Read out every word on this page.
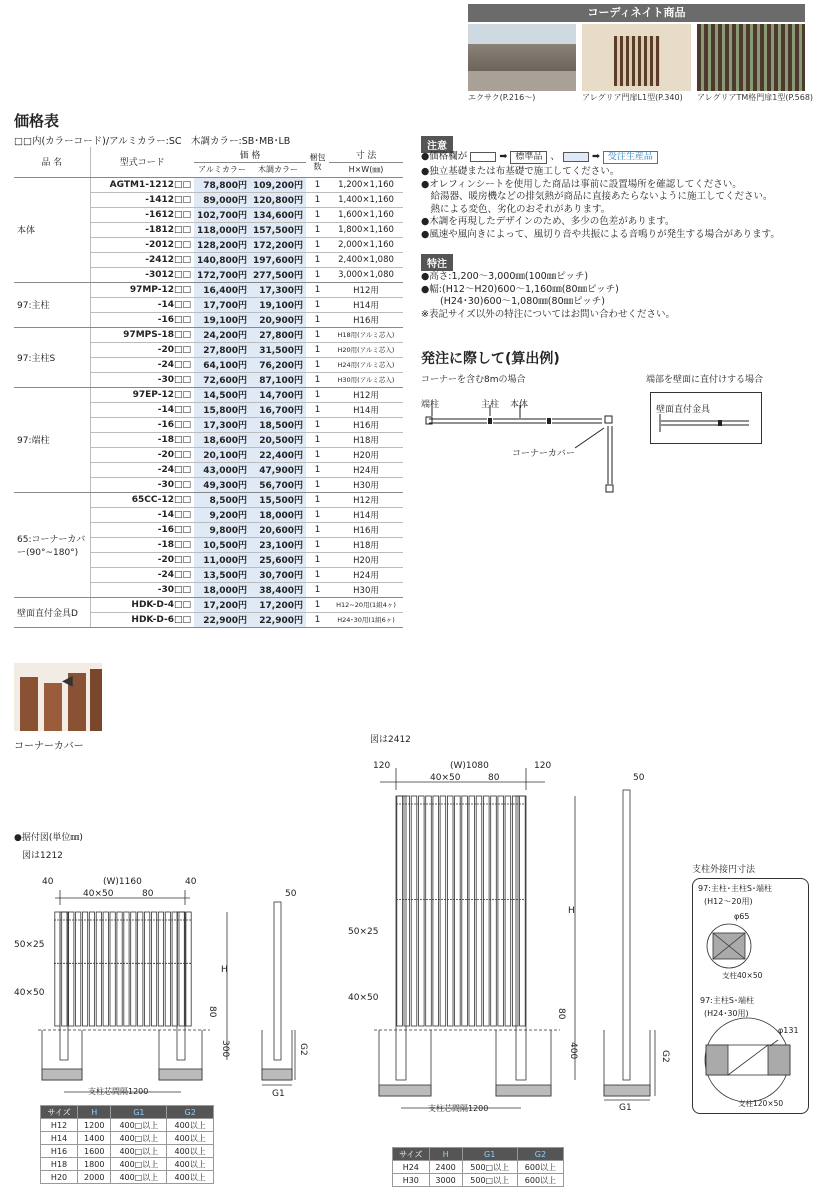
コーディネイト商品
エクサク(P.216～)	アレグリア門扉L1型(P.340) アレグリアTM格門扉1型(P.568)
価格表
□□内(カラーコード)/アルミカラー:SC　木調カラー:SB･MB･LB
品 名	型式コード	価 格		梱包数	寸 法
		アルミカラー	木調カラー		H×W(㎜)
本体	AGTM1-1212□□	78,800円	109,200円	1	1,200×1,160
	-1412□□	89,000円	120,800円	1	1,400×1,160
	-1612□□	102,700円	134,600円	1	1,600×1,160
	-1812□□	118,000円	157,500円	1	1,800×1,160
	-2012□□	128,200円	172,200円	1	2,000×1,160
	-2412□□	140,800円	197,600円	1	2,400×1,080
	-3012□□	172,700円	277,500円	1	3,000×1,080
97:主柱	97MP-12□□	16,400円	17,300円	1	H12用
	-14□□	17,700円	19,100円	1	H14用
	-16□□	19,100円	20,900円	1	H16用
97:主柱S	97MPS-18□□	24,200円	27,800円	1	H18用(アルミ芯入)
	-20□□	27,800円	31,500円	1	H20用(アルミ芯入)
	-24□□	64,100円	76,200円	1	H24用(アルミ芯入)
	-30□□	72,600円	87,100円	1	H30用(アルミ芯入)
97:端柱	97EP-12□□	14,500円	14,700円	1	H12用
	-14□□	15,800円	16,700円	1	H14用
	-16□□	17,300円	18,500円	1	H16用
	-18□□	18,600円	20,500円	1	H18用
	-20□□	20,100円	22,400円	1	H20用
	-24□□	43,000円	47,900円	1	H24用
	-30□□	49,300円	56,700円	1	H30用
65:コーナーカバー(90°~180°)	65CC-12□□	8,500円	15,500円	1	H12用
	-14□□	9,200円	18,000円	1	H14用
	-16□□	9,800円	20,600円	1	H16用
	-18□□	10,500円	23,100円	1	H18用
	-20□□	11,000円	25,600円	1	H20用
	-24□□	13,500円	30,700円	1	H24用
	-30□□	18,000円	38,400円	1	H30用
壁面直付金具D	HDK-D-4□□	17,200円	17,200円	1	H12~20用(1組4ヶ)
	HDK-D-6□□	22,900円	22,900円	1	H24･30用(1組6ヶ)
◀
コーナーカバー
注意
●価格欄が	➡ 標準品 、	➡ 受注生産品
●独立基礎または布基礎で施工してください。
●オレフィンシートを使用した商品は事前に設置場所を確認してください。
　給湯器、暖房機などの排気熱が商品に直接あたらないように施工してください。
　熱による変色、劣化のおそれがあります。
●木調を再現したデザインのため、多少の色差があります。
●風速や風向きによって、風切り音や共振による音鳴りが発生する場合があります。
特注
●高さ:1,200～3,000㎜(100㎜ピッチ)
●幅:(H12～H20)600～1,160㎜(80㎜ピッチ)
　　(H24･30)600～1,080㎜(80㎜ピッチ)
※表記サイズ以外の特注についてはお問い合わせください。
発注に際して(算出例)
コーナーを含む8mの場合	端部を壁面に直付けする場合
端柱	主柱 本体
コーナーカバー
壁面直付金具
●据付図(単位㎜)
図は1212
40	(W)1160	40
40×50	80	50
50×25
40×50
H
80
300	G2
G1
支柱芯間隔1200
サイズ	H	G1	G2
H12	1200	400□以上	400以上
H14	1400	400□以上	400以上
H16	1600	400□以上	400以上
H18	1800	400□以上	400以上
H20	2000	400□以上	400以上
図は2412
120	(W)1080	120
40×50	80	50
50×25
40×50
H
80
400	G2
G1
支柱芯間隔1200
サイズ	H	G1	G2
H24	2400	500□以上	600以上
H30	3000	500□以上	600以上
支柱外接円寸法
97:主柱･主柱S･端柱
(H12～20用)
φ65
支柱40×50
97:主柱S･端柱
(H24･30用)
φ131
支柱120×50
